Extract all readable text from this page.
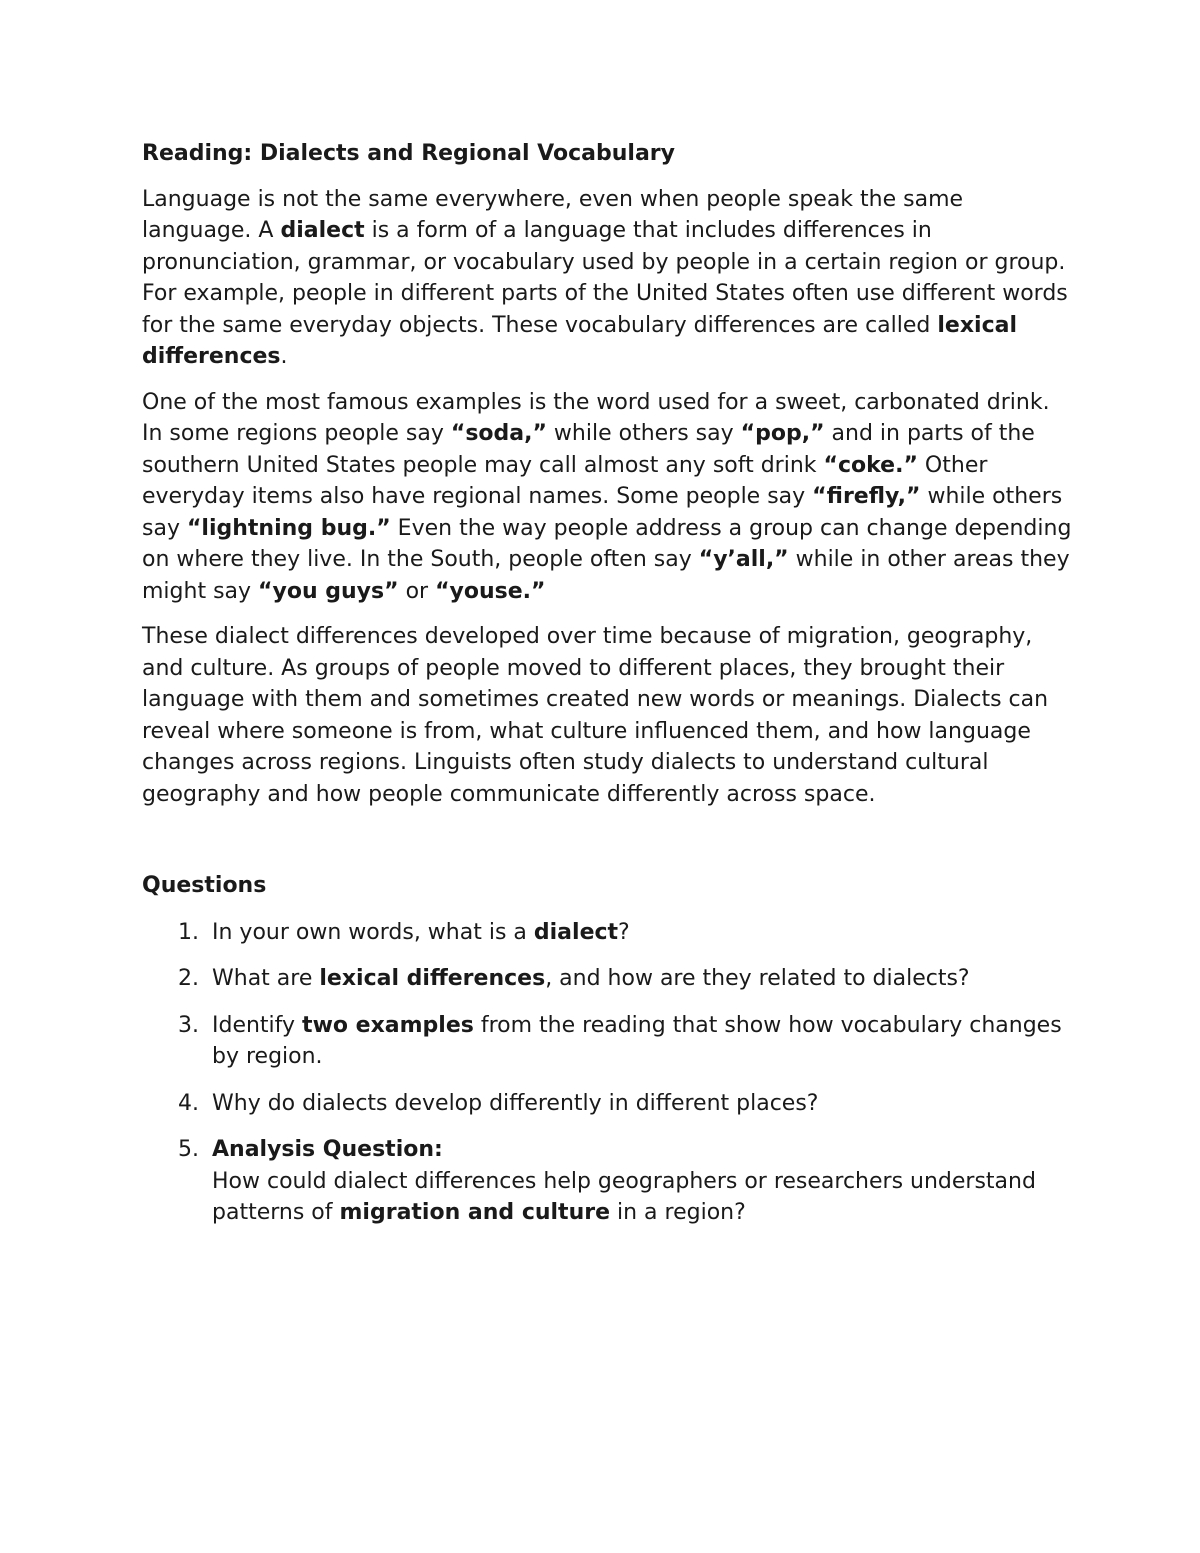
Reading: Dialects and Regional Vocabulary

Language is not the same everywhere, even when people speak the same language. A dialect is a form of a language that includes differences in pronunciation, grammar, or vocabulary used by people in a certain region or group. For example, people in different parts of the United States often use different words for the same everyday objects. These vocabulary differences are called lexical differences.

One of the most famous examples is the word used for a sweet, carbonated drink. In some regions people say “soda,” while others say “pop,” and in parts of the southern United States people may call almost any soft drink “coke.” Other everyday items also have regional names. Some people say “firefly,” while others say “lightning bug.” Even the way people address a group can change depending on where they live. In the South, people often say “y’all,” while in other areas they might say “you guys” or “youse.”

These dialect differences developed over time because of migration, geography, and culture. As groups of people moved to different places, they brought their language with them and sometimes created new words or meanings. Dialects can reveal where someone is from, what culture influenced them, and how language changes across regions. Linguists often study dialects to understand cultural geography and how people communicate differently across space.

Questions
1. In your own words, what is a dialect?
2. What are lexical differences, and how are they related to dialects?
3. Identify two examples from the reading that show how vocabulary changes by region.
4. Why do dialects develop differently in different places?
5. Analysis Question:
How could dialect differences help geographers or researchers understand patterns of migration and culture in a region?
